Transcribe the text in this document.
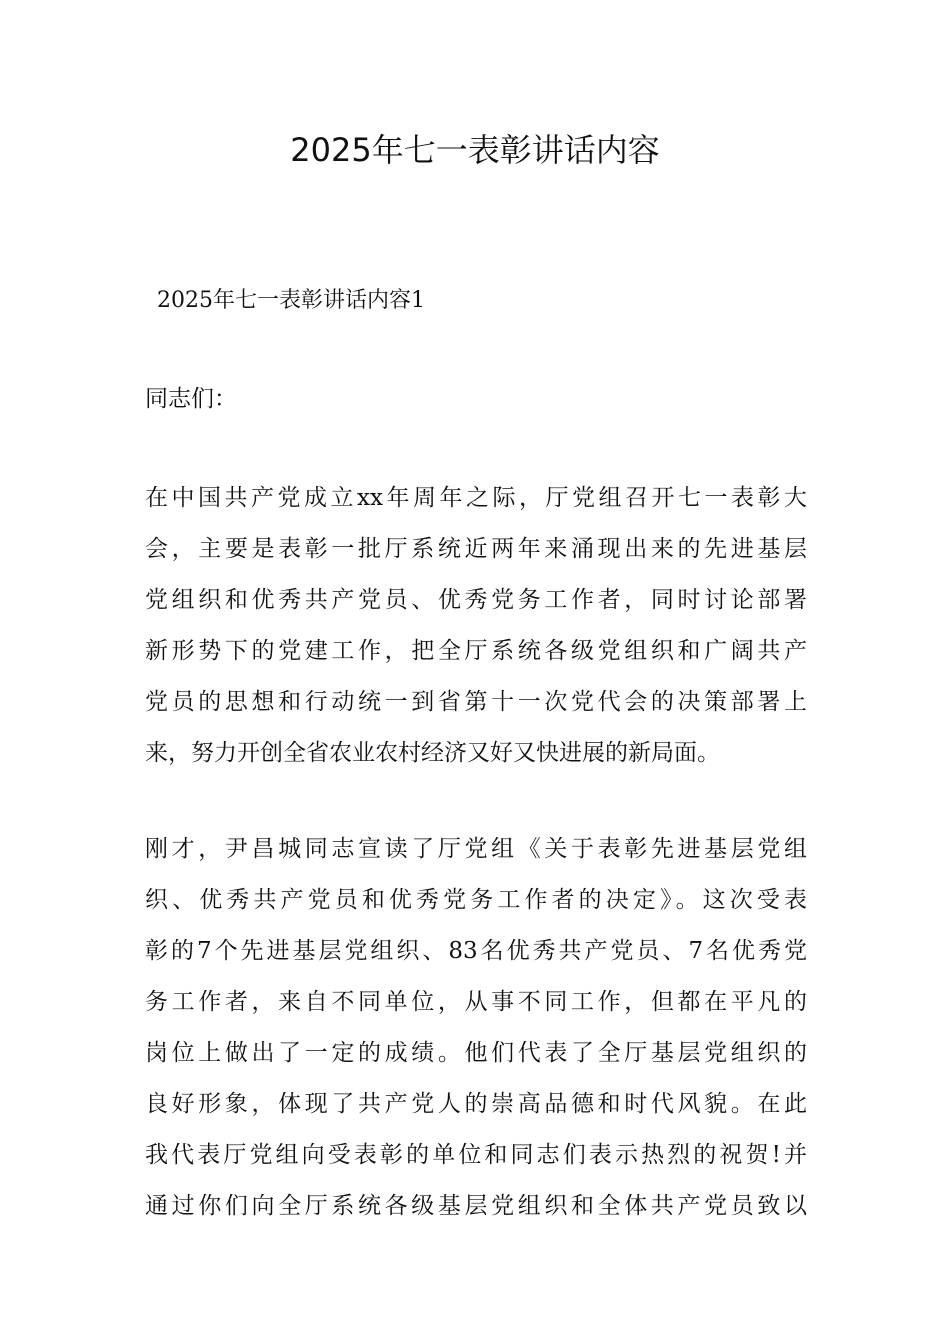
2025年七一表彰讲话内容

2025年七一表彰讲话内容1

同志们：

在中国共产党成立xx年周年之际，厅党组召开七一表彰大
会，主要是表彰一批厅系统近两年来涌现出来的先进基层
党组织和优秀共产党员、优秀党务工作者，同时讨论部署
新形势下的党建工作，把全厅系统各级党组织和广阔共产
党员的思想和行动统一到省第十一次党代会的决策部署上
来，努力开创全省农业农村经济又好又快进展的新局面。
刚才，尹昌城同志宣读了厅党组《关于表彰先进基层党组
织、优秀共产党员和优秀党务工作者的决定》。这次受表
彰的7个先进基层党组织、83名优秀共产党员、7名优秀党
务工作者，来自不同单位，从事不同工作，但都在平凡的
岗位上做出了一定的成绩。他们代表了全厅基层党组织的
良好形象，体现了共产党人的崇高品德和时代风貌。在此
我代表厅党组向受表彰的单位和同志们表示热烈的祝贺!并
通过你们向全厅系统各级基层党组织和全体共产党员致以
